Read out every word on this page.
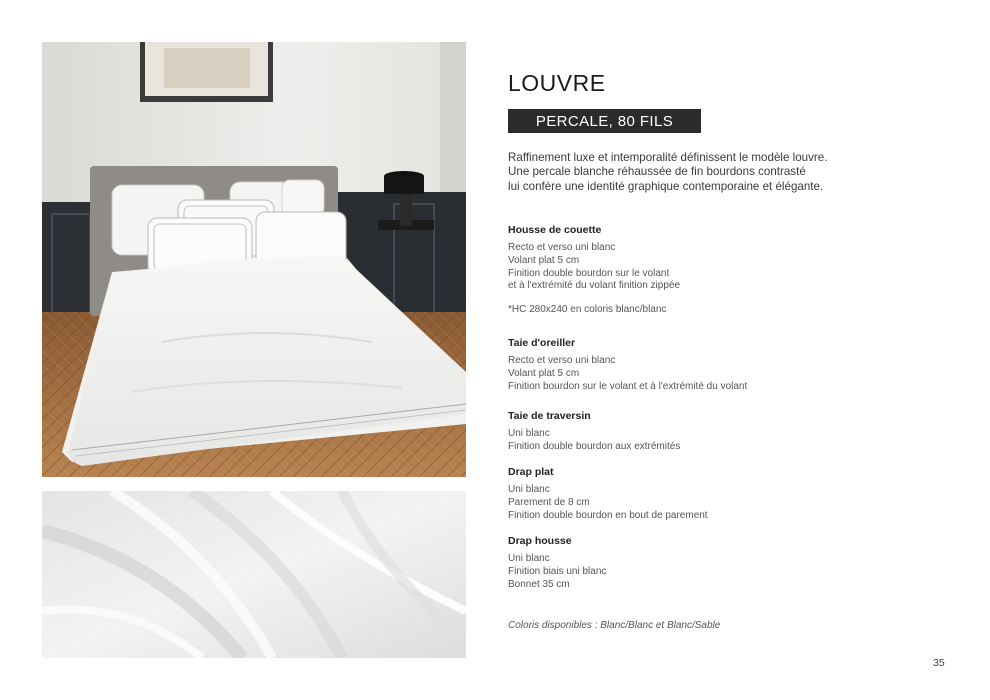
LOUVRE
PERCALE, 80 FILS

Raffinement luxe et intemporalité définissent le modèle louvre.
Une percale blanche réhaussée de fin bourdons contrasté
lui confère une identité graphique contemporaine et élégante.

Housse de couette
Recto et verso uni blanc
Volant plat 5 cm
Finition double bourdon sur le volant
et à l'extrémité du volant finition zippée
*HC 280x240 en coloris blanc/blanc
Taie d'oreiller
Recto et verso uni blanc
Volant plat 5 cm
Finition bourdon sur le volant et à l'extrémité du volant
Taie de traversin
Uni blanc
Finition double bourdon aux extrémités
Drap plat
Uni blanc
Parement de 8 cm
Finition double bourdon en bout de parement
Drap housse
Uni blanc
Finition biais uni blanc
Bonnet 35 cm
Coloris disponibles : Blanc/Blanc et Blanc/Sable
35
